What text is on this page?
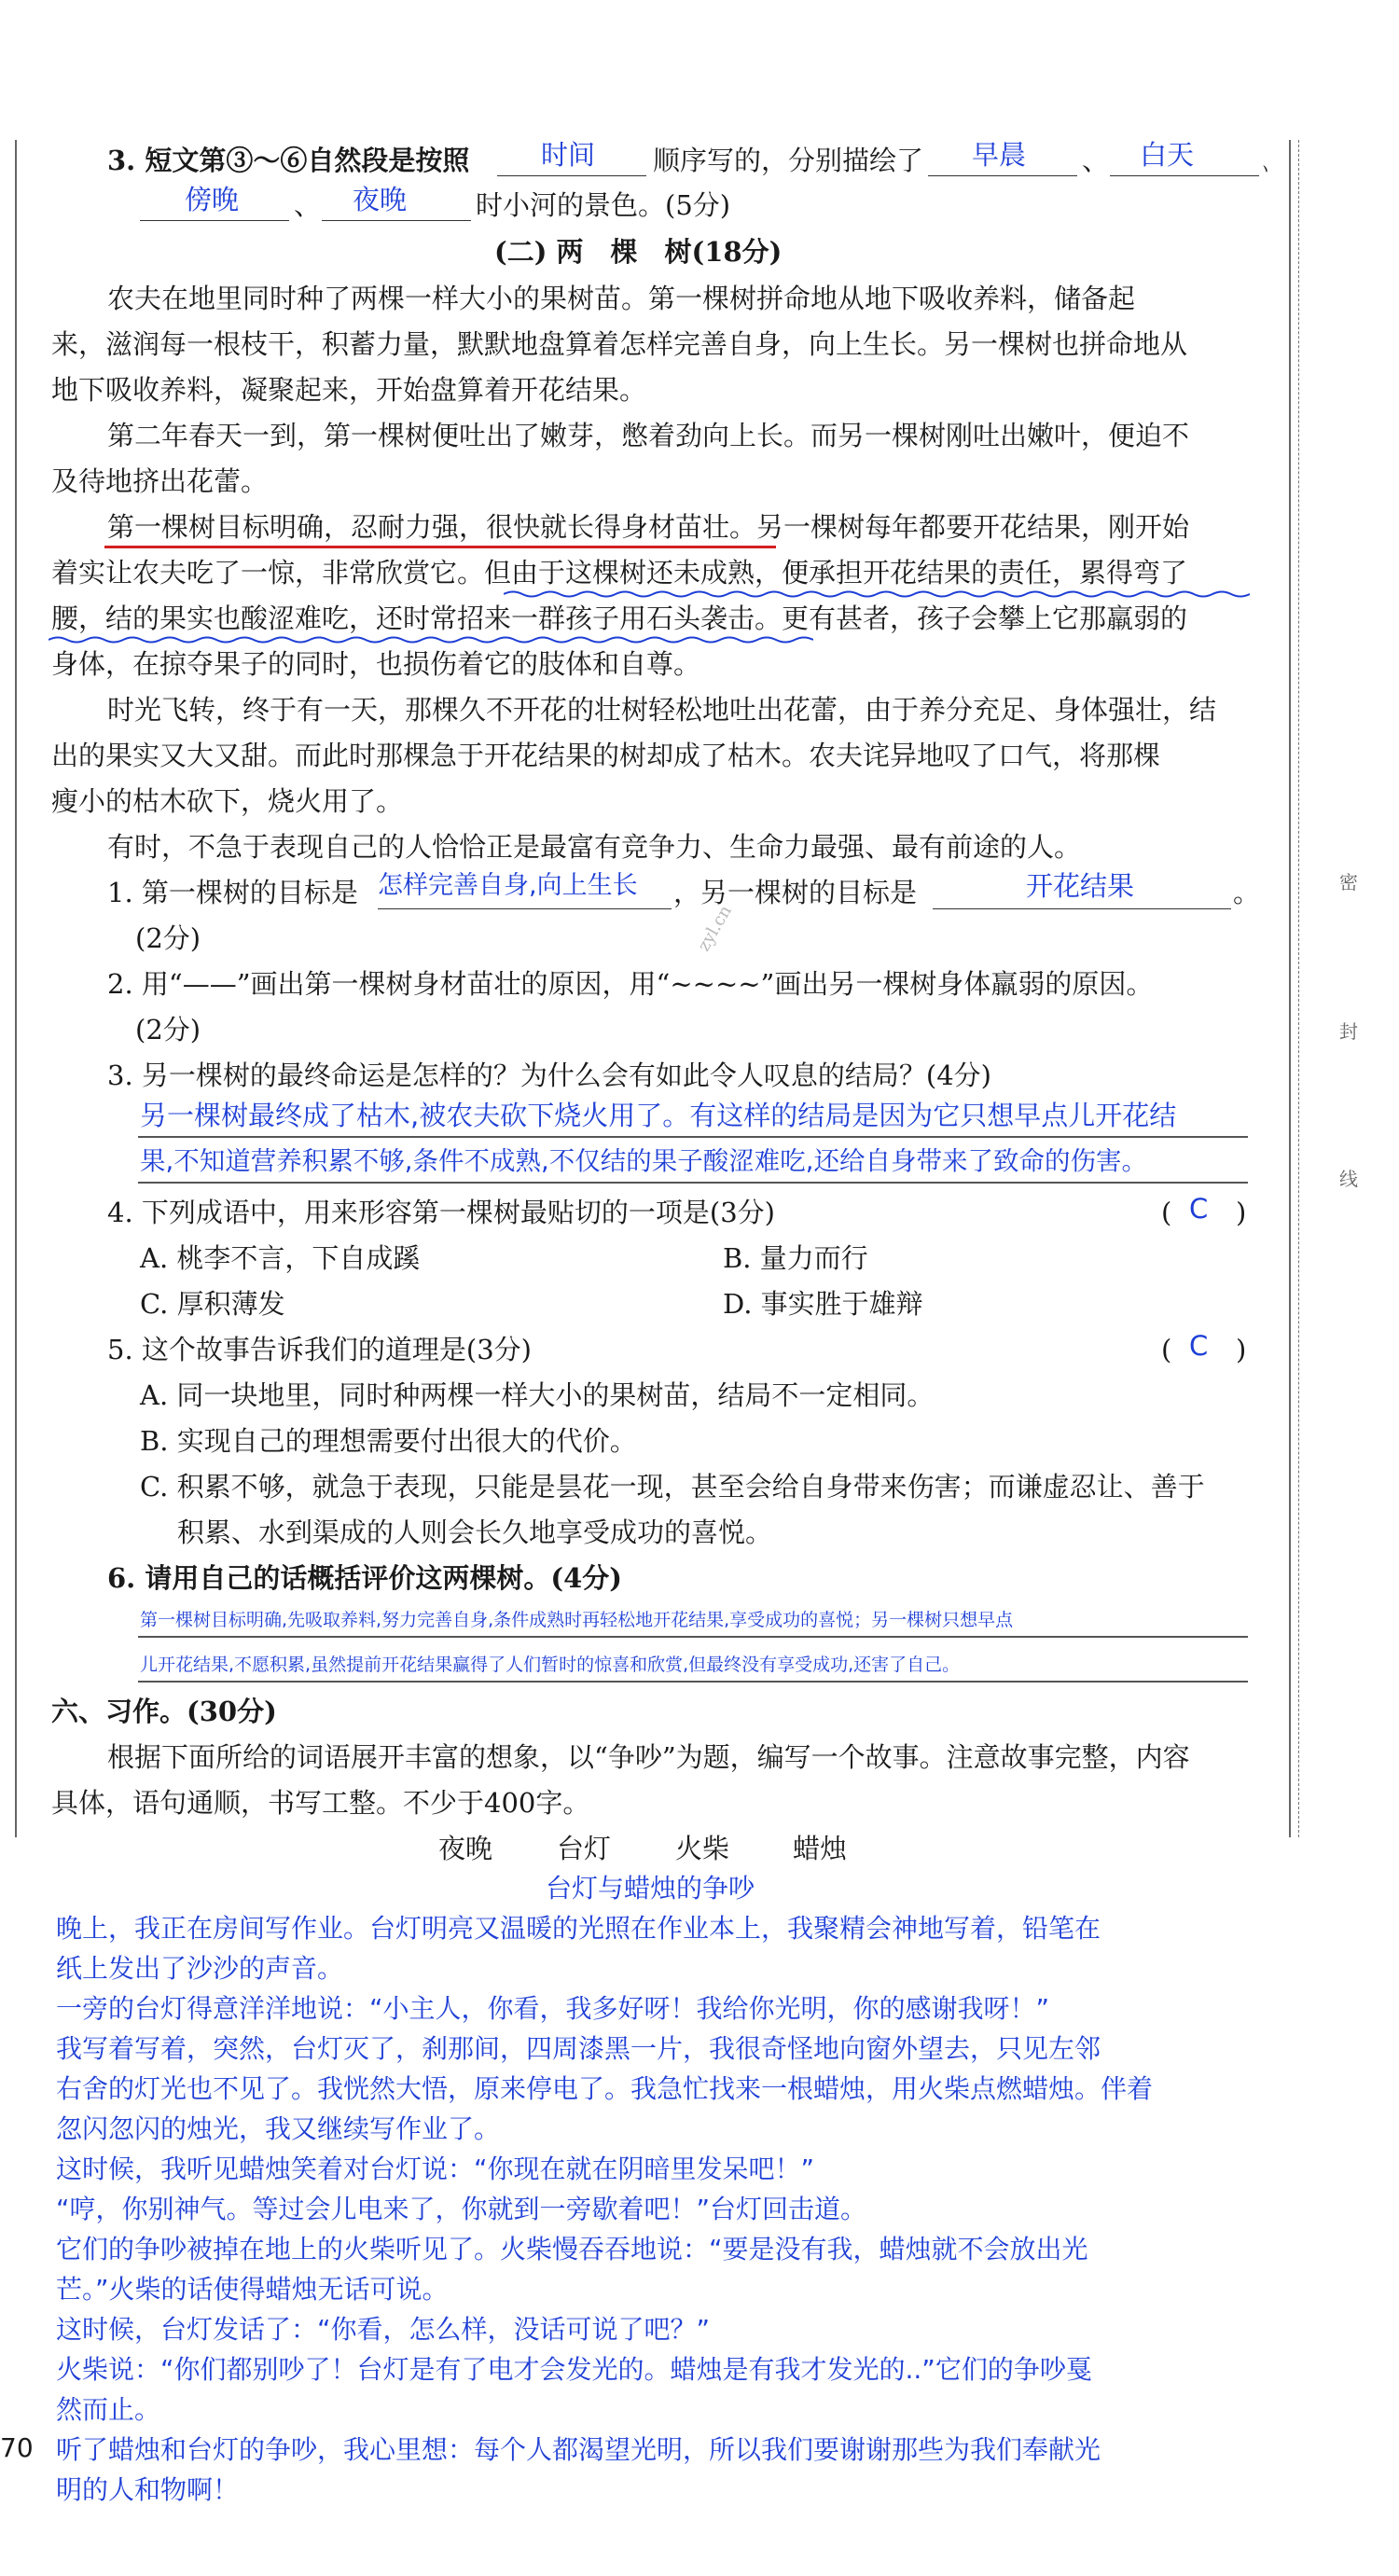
密
封
线
3. 短文第③～⑥自然段是按照	时间 顺序写的，分别描绘了 早晨 、 白天	、
傍晚 、 夜晚	时小河的景色。(5分)
(二) 两　棵　树(18分)
农夫在地里同时种了两棵一样大小的果树苗。第一棵树拼命地从地下吸收养料，储备起
来，滋润每一根枝干，积蓄力量，默默地盘算着怎样完善自身，向上生长。另一棵树也拼命地从
地下吸收养料，凝聚起来，开始盘算着开花结果。
第二年春天一到，第一棵树便吐出了嫩芽，憋着劲向上长。而另一棵树刚吐出嫩叶，便迫不
及待地挤出花蕾。
第一棵树目标明确，忍耐力强，很快就长得身材苗壮。另一棵树每年都要开花结果，刚开始
着实让农夫吃了一惊，非常欣赏它。但由于这棵树还未成熟，便承担开花结果的责任，累得弯了
腰，结的果实也酸涩难吃，还时常招来一群孩子用石头袭击。更有甚者，孩子会攀上它那羸弱的
身体，在掠夺果子的同时，也损伤着它的肢体和自尊。
时光飞转，终于有一天，那棵久不开花的壮树轻松地吐出花蕾，由于养分充足、身体强壮，结
出的果实又大又甜。而此时那棵急于开花结果的树却成了枯木。农夫诧异地叹了口气，将那棵
瘦小的枯木砍下，烧火用了。
有时，不急于表现自己的人恰恰正是最富有竞争力、生命力最强、最有前途的人。
1. 第一棵树的目标是 怎样完善自身,向上生长 ，另一棵树的目标是	开花结果	。
(2分)	zyl.cn
2. 用“——”画出第一棵树身材苗壮的原因，用“~~~~”画出另一棵树身体羸弱的原因。
(2分)
3. 另一棵树的最终命运是怎样的？为什么会有如此令人叹息的结局？(4分)
另一棵树最终成了枯木,被农夫砍下烧火用了。有这样的结局是因为它只想早点儿开花结
果,不知道营养积累不够,条件不成熟,不仅结的果子酸涩难吃,还给自身带来了致命的伤害。
4. 下列成语中，用来形容第一棵树最贴切的一项是(3分)	( C )
A. 桃李不言，下自成蹊	B. 量力而行
C. 厚积薄发	D. 事实胜于雄辩
5. 这个故事告诉我们的道理是(3分)	( C )
A. 同一块地里，同时种两棵一样大小的果树苗，结局不一定相同。
B. 实现自己的理想需要付出很大的代价。
C. 积累不够，就急于表现，只能是昙花一现，甚至会给自身带来伤害；而谦虚忍让、善于
积累、水到渠成的人则会长久地享受成功的喜悦。
6. 请用自己的话概括评价这两棵树。(4分)
第一棵树目标明确,先吸取养料,努力完善自身,条件成熟时再轻松地开花结果,享受成功的喜悦；另一棵树只想早点
儿开花结果,不愿积累,虽然提前开花结果赢得了人们暂时的惊喜和欣赏,但最终没有享受成功,还害了自己。
六、习作。(30分)
根据下面所给的词语展开丰富的想象，以“争吵”为题，编写一个故事。注意故事完整，内容
具体，语句通顺，书写工整。不少于400字。
夜晚 台灯 火柴 蜡烛
台灯与蜡烛的争吵
晚上，我正在房间写作业。台灯明亮又温暖的光照在作业本上，我聚精会神地写着，铅笔在
纸上发出了沙沙的声音。
一旁的台灯得意洋洋地说：“小主人，你看，我多好呀！我给你光明，你的感谢我呀！”
我写着写着，突然，台灯灭了，刹那间，四周漆黑一片，我很奇怪地向窗外望去，只见左邻
右舍的灯光也不见了。我恍然大悟，原来停电了。我急忙找来一根蜡烛，用火柴点燃蜡烛。伴着
忽闪忽闪的烛光，我又继续写作业了。
这时候，我听见蜡烛笑着对台灯说：“你现在就在阴暗里发呆吧！”
“哼，你别神气。等过会儿电来了，你就到一旁歇着吧！”台灯回击道。
它们的争吵被掉在地上的火柴听见了。火柴慢吞吞地说：“要是没有我，蜡烛就不会放出光
芒。”火柴的话使得蜡烛无话可说。
这时候，台灯发话了：“你看，怎么样，没话可说了吧？”
火柴说：“你们都别吵了！台灯是有了电才会发光的。蜡烛是有我才发光的..”它们的争吵戛
然而止。
听了蜡烛和台灯的争吵，我心里想：每个人都渴望光明，所以我们要谢谢那些为我们奉献光
明的人和物啊！
70
